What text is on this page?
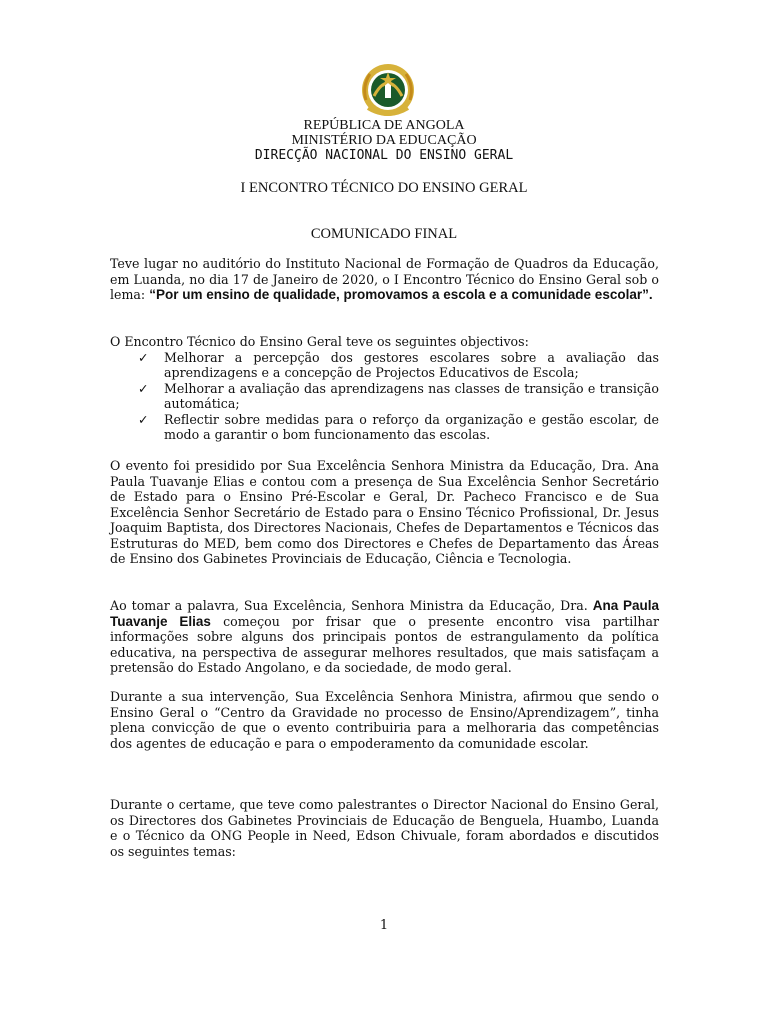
REPÚBLICA DE ANGOLA
MINISTÉRIO DA EDUCAÇÃO
DIRECÇÃO NACIONAL DO ENSINO GERAL
I ENCONTRO TÉCNICO DO ENSINO GERAL
COMUNICADO FINAL
Teve lugar no auditório do Instituto Nacional de Formação de Quadros da Educação, em Luanda, no dia 17 de Janeiro de 2020, o I Encontro Técnico do Ensino Geral sob o lema: “Por um ensino de qualidade, promovamos a escola e a comunidade escolar”.
O Encontro Técnico do Ensino Geral teve os seguintes objectivos:
✓ Melhorar a percepção dos gestores escolares sobre a avaliação das aprendizagens e a concepção de Projectos Educativos de Escola;
✓ Melhorar a avaliação das aprendizagens nas classes de transição e transição automática;
✓ Reflectir sobre medidas para o reforço da organização e gestão escolar, de modo a garantir o bom funcionamento das escolas.
O evento foi presidido por Sua Excelência Senhora Ministra da Educação, Dra. Ana Paula Tuavanje Elias e contou com a presença de Sua Excelência Senhor Secretário de Estado para o Ensino Pré-Escolar e Geral, Dr. Pacheco Francisco e de Sua Excelência Senhor Secretário de Estado para o Ensino Técnico Profissional, Dr. Jesus Joaquim Baptista, dos Directores Nacionais, Chefes de Departamentos e Técnicos das Estruturas do MED, bem como dos Directores e Chefes de Departamento das Áreas de Ensino dos Gabinetes Provinciais de Educação, Ciência e Tecnologia.
Ao tomar a palavra, Sua Excelência, Senhora Ministra da Educação, Dra. Ana Paula Tuavanje Elias começou por frisar que o presente encontro visa partilhar informações sobre alguns dos principais pontos de estrangulamento da política educativa, na perspectiva de assegurar melhores resultados, que mais satisfaçam a pretensão do Estado Angolano, e da sociedade, de modo geral.
Durante a sua intervenção, Sua Excelência Senhora Ministra, afirmou que sendo o Ensino Geral o “Centro da Gravidade no processo de Ensino/Aprendizagem”, tinha plena convicção de que o evento contribuiria para a melhoraria das competências dos agentes de educação e para o empoderamento da comunidade escolar.
Durante o certame, que teve como palestrantes o Director Nacional do Ensino Geral, os Directores dos Gabinetes Provinciais de Educação de Benguela, Huambo, Luanda e o Técnico da ONG People in Need, Edson Chivuale, foram abordados e discutidos os seguintes temas:
1
